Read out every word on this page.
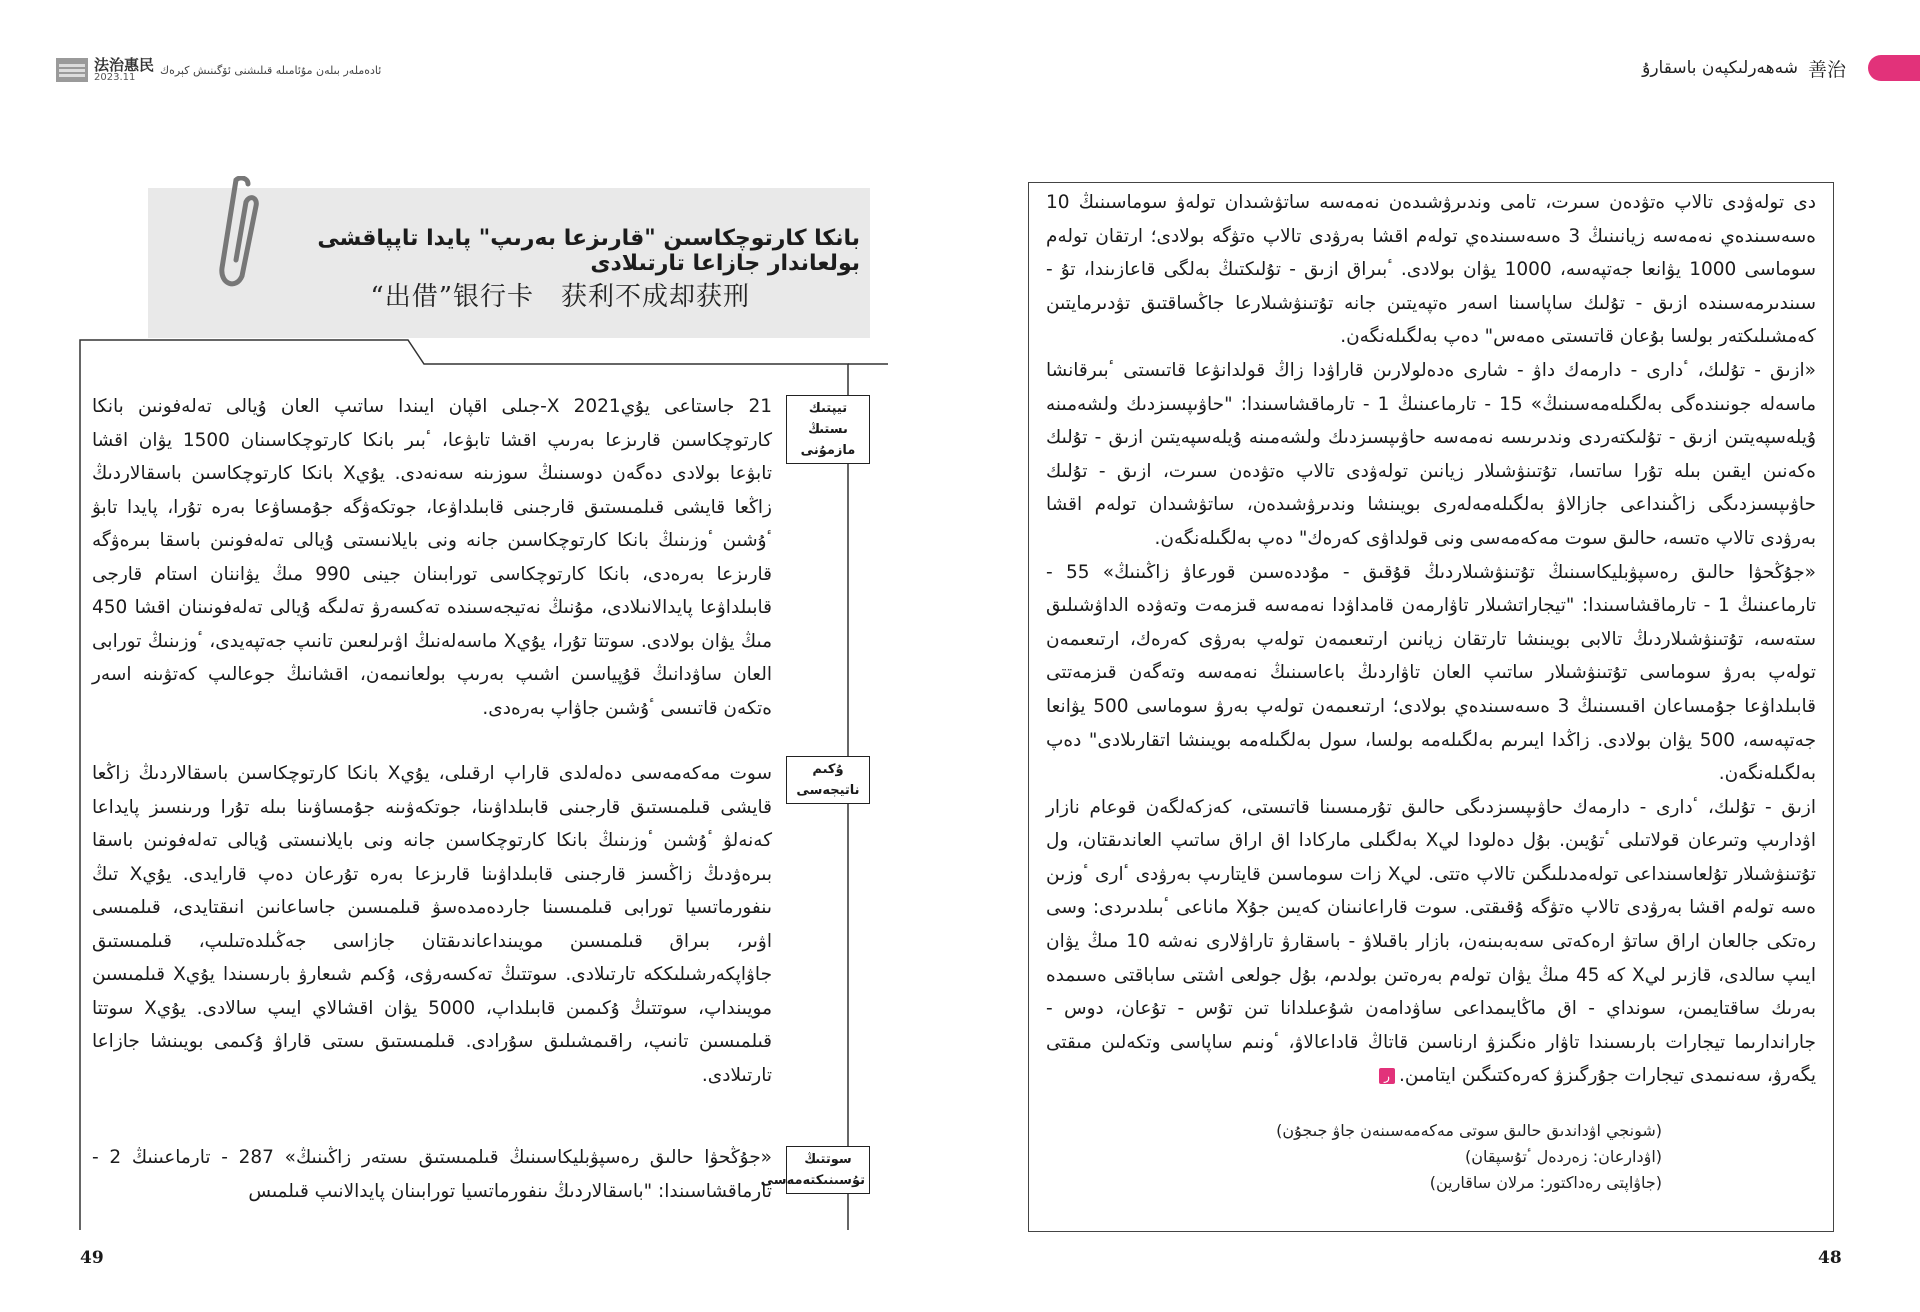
法治惠民
2023.11
ئادەملەر بىلەن مۇئامىلە قىلىشنى ئۆگىنىش كېرەك	شەھەرلىكپەن باسقارۇ 善治
بانكا كارتوچكاسىن "قارىزعا بەرىپ" پايدا تاپپاقشى بولعاندار جازاعا تارتىلادى
“出借”银行卡　获利不成却获刑
تيپتىك ىستىڭ مازمۇنى
ۇكىم ناتيجەسى
سوتتىڭ تۇسىنىكتەمەسى
21 جاستاعى يۇيX 2021-جىلى اقپان ايىندا ساتىپ العان ۇيالى تەلەفونىن بانكا كارتوچكاسىن قارىزعا بەرىپ اقشا تابۋعا، ٴبىر بانكا كارتوچكاسىنان 1500 يۋان اقشا تابۋعا بولادى دەگەن دوسىنىڭ سوزىنە سەنەدى. يۇيX بانكا كارتوچكاسىن باسقالاردىڭ زاڭعا قايشى قىلمىستىق قارجىنى قابىلداۋعا، جوتكەۋگە جۇمساۋعا بەرە تۇرا، پايدا تابۋ ٴۇشىن ٴوزىنىڭ بانكا كارتوچكاسىن جانە ونى بايلانىستى ۇيالى تەلەفونىن باسقا بىرەۋگە قارىزعا بەرەدى، بانكا كارتوچكاسى تورابىنان جينى 990 مىڭ يۋاننان استام قارجى قابىلداۋعا پايدالانىلادى، مۇنىڭ نەتيجەسىندە تەكسەرۋ تەلىگە ۇيالى تەلەفونىنان اقشا 450 مىڭ يۋان بولادى. سوتتا تۇرا، يۇيX ماسەلەنىڭ اۋىرلىعىن تانىپ جەتپەيدى، ٴوزىنىڭ تورابى العان ساۋدانىڭ قۇپياسىن اشىپ بەرىپ بولعانىمەن، اقشانىڭ جوعالىپ كەتۋىنە اسەر ەتكەن قاتىسى ٴۇشىن جاۋاپ بەرەدى.
سوت مەكەمەسى دەلەلدى قاراپ ارقىلى، يۇيX بانكا كارتوچكاسىن باسقالاردىڭ زاڭعا قايشى قىلمىستىق قارجىنى قابىلداۋىنا، جوتكەۋىنە جۇمساۋىنا بىلە تۇرا ورىنسىز پايداعا كەنەلۋ ٴۇشىن ٴوزىنىڭ بانكا كارتوچكاسىن جانە ونى بايلانىستى ۇيالى تەلەفونىن باسقا بىرەۋدىڭ زاڭسىز قارجىنى قابىلداۋىنا قارىزعا بەرە تۇرعان دەپ قارايدى. يۇيX تىڭ ىنفورماتسيا تورابى قىلمىسىنا جاردەمدەسۋ قىلمىسىن جاساعانىن انىقتايدى، قىلمىسى اۋىر، بىراق قىلمىسىن مويىنداعاندىقتان جازاسى جەڭىلدەتىلىپ، قىلمىستىق جاۋاپكەرشىلىككە تارتىلادى. سوتتىڭ تەكسەرۋى، ۇكىم شىعارۋ بارىسىندا يۇيX قىلمىسىن مويىنداپ، سوتتىڭ ۇكىمىن قابىلداپ، 5000 يۋان اقشالاي ايىپ سالادى. يۇيX سوتتا قىلمىسىن تانىپ، راقىمشىلىق سۇرادى. قىلمىستىق ىستى قاراۋ ۇكىمى بويىنشا جازاعا تارتىلادى.
«جۇڭحۋا حالىق رەسپۋبليكاسىنىڭ قىلمىستىق ىستەر زاڭىنىڭ» 287 - تارماعىنىڭ 2 - تارماقشاسىندا: "باسقالاردىڭ ىنفورماتسيا تورابىنان پايدالانىپ قىلمىس

دى تولەۋدى تالاپ ەتۋدەن سىرت، تامى وندىرۋشىدەن نەمەسە ساتۋشىدان تولەۋ سوماسىنىڭ 10 ەسەسىندەي نەمەسە زيانىنىڭ 3 ەسەسىندەي تولەم اقشا بەرۋدى تالاپ ەتۋگە بولادى؛ ارتقان تولەم سوماسى 1000 يۋانعا جەتپەسە، 1000 يۋان بولادى. ٴبىراق ازىق - تۇلىكتىڭ بەلگى قاعازىندا، تۇ - سىندىرمەسىندە ازىق - تۇلىك ساپاسىنا اسەر ەتپەيتىن جانە تۇتىنۋشىلارعا جاڭساقتىق تۋدىرمايتىن كەمشىلىكتەر بولسا بۇعان قاتىستى ەمەس" دەپ بەلگىلەنگەن.

«ازىق - تۇلىك، ٴدارى - دارمەك داۋ - شارى ەدەلولارىن قاراۋدا زاڭ قولدانۋعا قاتىستى ٴبىرقانشا ماسەلە جونىندەگى بەلگىلەمەسىنىڭ» 15 - تارماعىنىڭ 1 - تارماقشاسىندا: "حاۋىپسىزدىك ولشەمىنە ۇيلەسپەيتىن ازىق - تۇلىكتەردى وندىرىسە نەمەسە حاۋىپسىزدىك ولشەمىنە ۇيلەسپەيتىن ازىق - تۇلىك ەكەنىن ايقىن بىلە تۇرا ساتسا، تۇتىنۋشىلار زيانىن تولەۋدى تالاپ ەتۋدەن سىرت، ازىق - تۇلىك حاۋىپسىزدىگى زاڭىنداعى جازالاۋ بەلگىلەمەلەرى بويىنشا وندىرۋشىدەن، ساتۋشىدان تولەم اقشا بەرۋدى تالاپ ەتسە، حالىق سوت مەكەمەسى ونى قولداۋى كەرەك" دەپ بەلگىلەنگەن.

«جۇڭحۋا حالىق رەسپۋبليكاسىنىڭ تۇتىنۋشىلاردىڭ قۇقىق - مۇددەسىن قورعاۋ زاڭىنىڭ» 55 - تارماعىنىڭ 1 - تارماقشاسىندا: "تيجاراتشىلار تاۋارمەن قامداۋدا نەمەسە قىزمەت وتەۋدە الداۋشىلىق ستەسە، تۇتىنۋشىلاردىڭ تالابى بويىنشا تارتقان زيانىن ارتىعىمەن تولەپ بەرۋى كەرەك، ارتىعىمەن تولەپ بەرۋ سوماسى تۇتىنۋشىلار ساتىپ العان تاۋاردىڭ باعاسىنىڭ نەمەسە وتەگەن قىزمەتتى قابىلداۋعا جۇمساعان اقىسىنىڭ 3 ەسەسىندەي بولادى؛ ارتىعىمەن تولەپ بەرۋ سوماسى 500 يۋانعا جەتپەسە، 500 يۋان بولادى. زاڭدا ايىرىم بەلگىلەمە بولسا، سول بەلگىلەمە بويىنشا اتقارىلادى" دەپ بەلگىلەنگەن.

ازىق - تۇلىك، ٴدارى - دارمەك حاۋىپسىزدىگى حالىق تۇرمىسىنا قاتىستى، كەزكەلگەن قوعام نازار اۋدارىپ وتىرعان قولاتىلى ٴتۇيىن. بۇل دەلودا ليX بەلگىلى ماركادا اق اراق ساتىپ العاندىقتان، ول تۇتىنۋشىلار تۇلعاسىنداعى تولەمدىلىگىن تالاپ ەتتى. ليX زات سوماسىن قايتارىپ بەرۋدى ٴارى ٴوزىن ەسە تولەم اقشا بەرۋدى تالاپ ەتۋگە ۇقىقتى. سوت قاراعانىنان كەيىن جۇX ماناعى ٴبىلدىردى: وسى رەتكى جالعان اراق ساتۋ ارەكەتى سەبەبىنەن، بازار باقىلاۋ - باسقارۋ تاراۋلارى نەشە 10 مىڭ يۋان ايىپ سالدى، قازىر ليX كە 45 مىڭ يۋان تولەم بەرەتىن بولدىم، بۇل جولعى اشتى ساباقتى ەسىمدە بەرىك ساقتايمىن، سونداي - اق ماڭايىمداعى ساۋدامەن شۇعىلدانا تىن تۇس - تۇعان، دوس - جاراندارىما تيجارات بارىسىندا تاۋار ەنگىزۋ ارناسىن قاتاڭ قاداعالاۋ، ٴونىم ساپاسى وتكەلىن مىقتى يگەرۋ، سەنىمدى تيجارات جۇرگىزۋ كەرەكتىگىن ايتامىن.ر

(شونجي اۋداندىق حالىق سوتى مەكەمەسىنەن جاۋ جىجۇن)
(اۋدارعان: زەردەل ٴتۇسپقان)
(جاۋاپتى رەداكتور: مرلان ساقارين)
49	48
